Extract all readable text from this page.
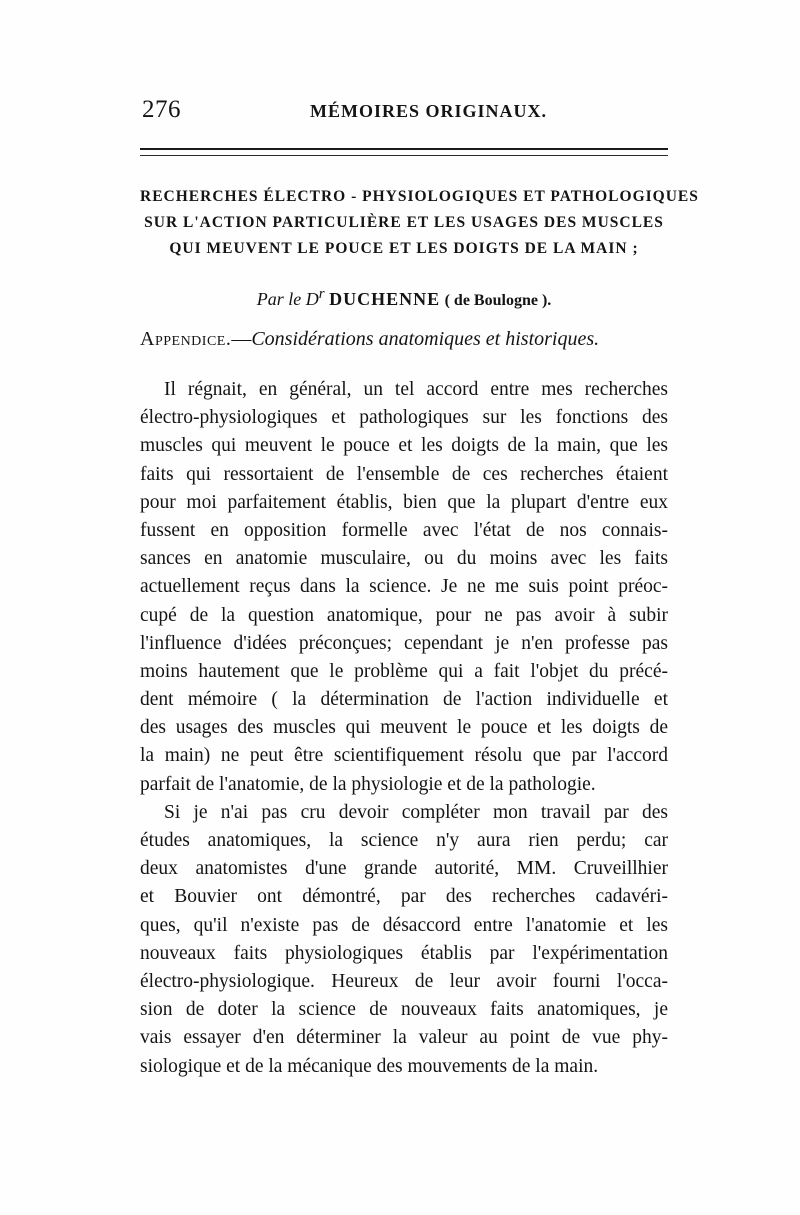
276	MÉMOIRES ORIGINAUX.
RECHERCHES ÉLECTRO - PHYSIOLOGIQUES ET PATHOLOGIQUES
SUR L'ACTION PARTICULIÈRE ET LES USAGES DES MUSCLES
QUI MEUVENT LE POUCE ET LES DOIGTS DE LA MAIN ;
Par le $D^r$ DUCHENNE ( de Boulogne ).
Appendice.—Considérations anatomiques et historiques.
Il régnait, en général, un tel accord entre mes recherches
électro-physiologiques et pathologiques sur les fonctions des
muscles qui meuvent le pouce et les doigts de la main, que les
faits qui ressortaient de l'ensemble de ces recherches étaient
pour moi parfaitement établis, bien que la plupart d'entre eux
fussent en opposition formelle avec l'état de nos connais-
sances en anatomie musculaire, ou du moins avec les faits
actuellement reçus dans la science. Je ne me suis point préoc-
cupé de la question anatomique, pour ne pas avoir à subir
l'influence d'idées préconçues; cependant je n'en professe pas
moins hautement que le problème qui a fait l'objet du précé-
dent mémoire ( la détermination de l'action individuelle et
des usages des muscles qui meuvent le pouce et les doigts de
la main) ne peut être scientifiquement résolu que par l'accord
parfait de l'anatomie, de la physiologie et de la pathologie.
Si je n'ai pas cru devoir compléter mon travail par des
études anatomiques, la science n'y aura rien perdu; car
deux anatomistes d'une grande autorité, MM. Cruveillhier
et Bouvier ont démontré, par des recherches cadavéri-
ques, qu'il n'existe pas de désaccord entre l'anatomie et les
nouveaux faits physiologiques établis par l'expérimentation
électro-physiologique. Heureux de leur avoir fourni l'occa-
sion de doter la science de nouveaux faits anatomiques, je
vais essayer d'en déterminer la valeur au point de vue phy-
siologique et de la mécanique des mouvements de la main.
